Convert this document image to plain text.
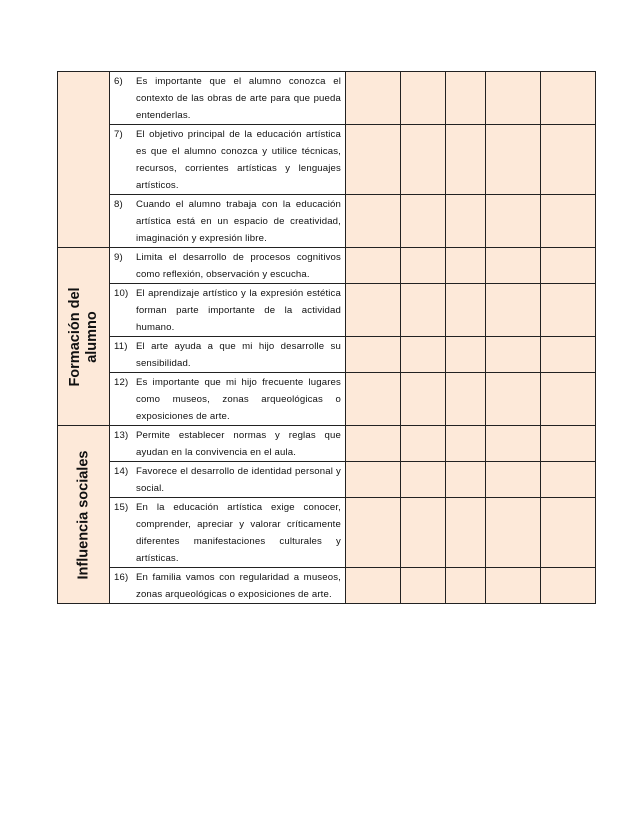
	6) Es importante que el alumno conozca el contexto de las obras de arte para que pueda entenderlas.					

	7) El objetivo principal de la educación artística es que el alumno conozca y utilice técnicas, recursos, corrientes artísticas y lenguajes artísticos.					

	8) Cuando el alumno trabaja con la educación artística está en un espacio de creatividad, imaginación y expresión libre.					

Formación del alumno	9) Limita el desarrollo de procesos cognitivos como reflexión, observación y escucha.					

	10) El aprendizaje artístico y la expresión estética forman parte importante de la actividad humano.					

	11) El arte ayuda a que mi hijo desarrolle su sensibilidad.					

	12) Es importante que mi hijo frecuente lugares como museos, zonas arqueológicas o exposiciones de arte.					

Influencia sociales	13) Permite establecer normas y reglas que ayudan en la convivencia en el aula.					

	14) Favorece el desarrollo de identidad personal y social.					

	15) En la educación artística exige conocer, comprender, apreciar y valorar críticamente diferentes manifestaciones culturales y artísticas.					

	16) En familia vamos con regularidad a museos, zonas arqueológicas o exposiciones de arte.					
